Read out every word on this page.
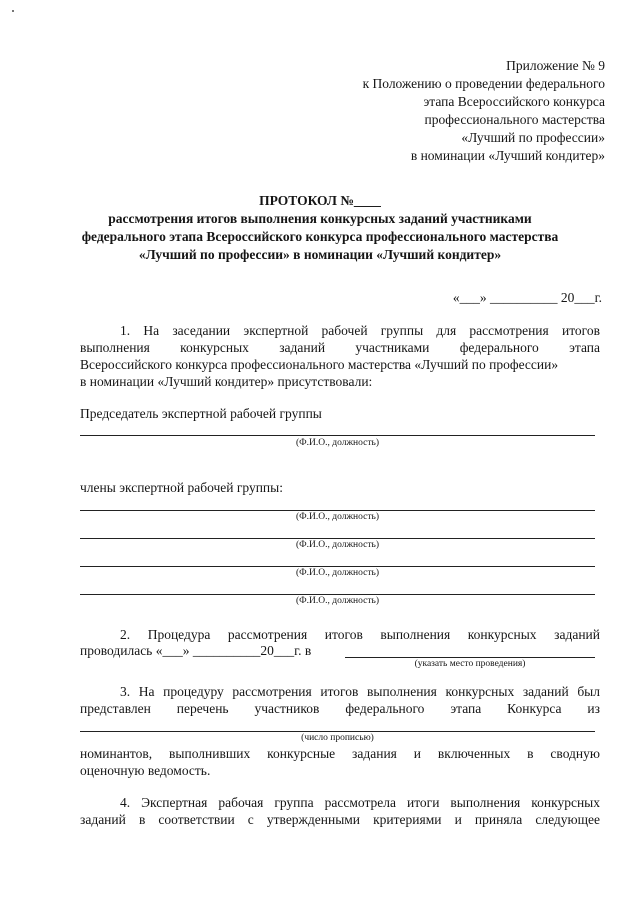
Приложение № 9
к Положению о проведении федерального
этапа Всероссийского конкурса
профессионального мастерства
«Лучший по профессии»
в номинации «Лучший кондитер»
ПРОТОКОЛ №____
рассмотрения итогов выполнения конкурсных заданий участниками
федерального этапа Всероссийского конкурса профессионального мастерства
«Лучший по профессии» в номинации «Лучший кондитер»
«___» __________ 20___г.
1. На заседании экспертной рабочей группы для рассмотрения итогов
выполнения конкурсных заданий участниками федерального этапа
Всероссийского конкурса профессионального мастерства «Лучший по профессии»
в номинации «Лучший кондитер» присутствовали:
Председатель экспертной рабочей группы
(Ф.И.О., должность)
члены экспертной рабочей группы:
(Ф.И.О., должность)
(Ф.И.О., должность)
(Ф.И.О., должность)
(Ф.И.О., должность)
2. Процедура рассмотрения итогов выполнения конкурсных заданий
проводилась «___» __________20___г. в
(указать место проведения)
3. На процедуру рассмотрения итогов выполнения конкурсных заданий был
представлен перечень участников федерального этапа Конкурса из
(число прописью)
номинантов, выполнивших конкурсные задания и включенных в сводную
оценочную ведомость.
4. Экспертная рабочая группа рассмотрела итоги выполнения конкурсных
заданий в соответствии с утвержденными критериями и приняла следующее
